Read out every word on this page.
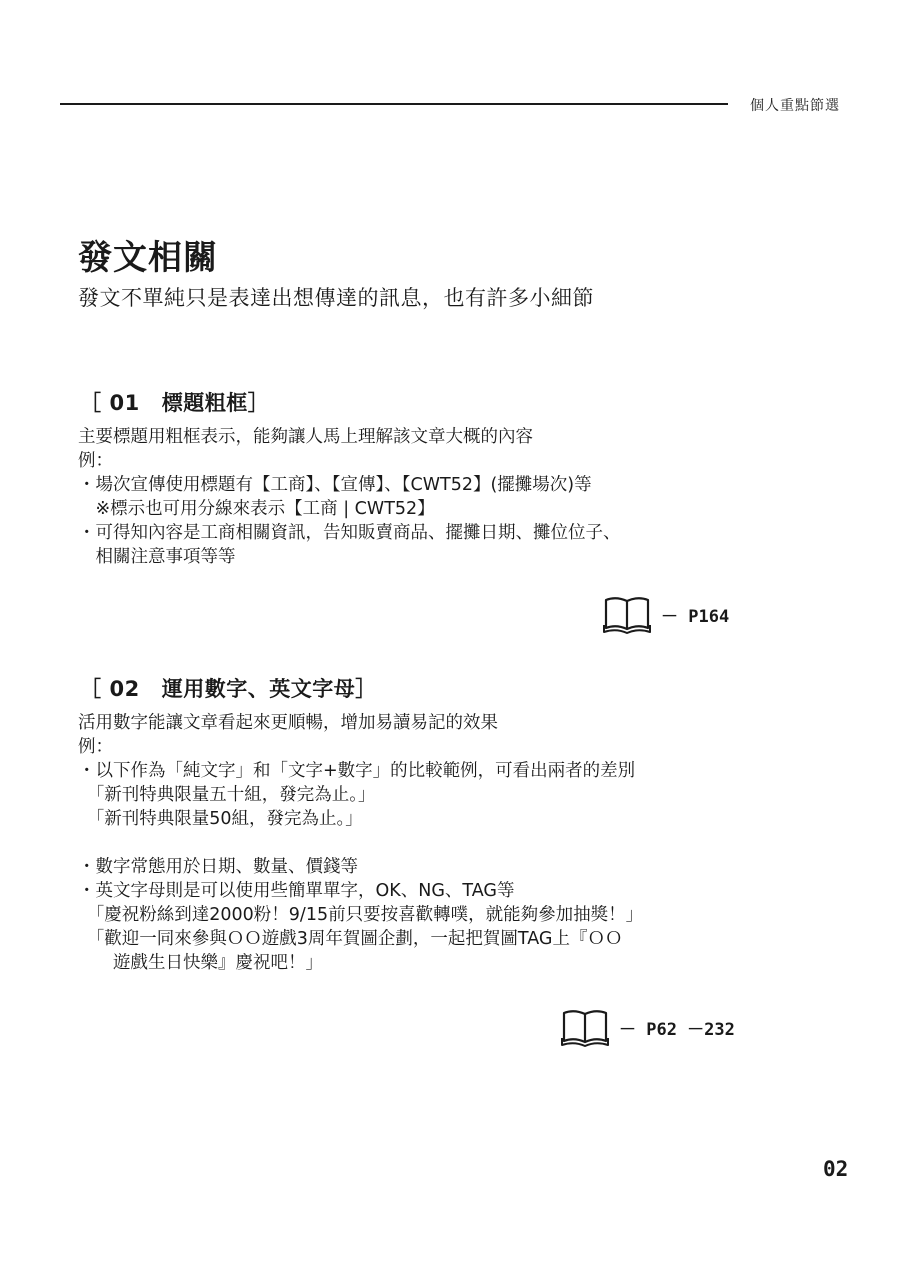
個人重點節選
發文相關
發文不單純只是表達出想傳達的訊息，也有許多小細節
［ 01 標題粗框］
主要標題用粗框表示，能夠讓人馬上理解該文章大概的內容
例：
・場次宣傳使用標題有【工商】、【宣傳】、【CWT52】(擺攤場次)等
　※標示也可用分線來表示【工商 | CWT52】
・可得知內容是工商相關資訊，告知販賣商品、擺攤日期、攤位位子、
　相關注意事項等等
－ P164
［ 02 運用數字、英文字母］
活用數字能讓文章看起來更順暢，增加易讀易記的效果
例：
・以下作為「純文字」和「文字+數字」的比較範例，可看出兩者的差別
　「新刊特典限量五十組，發完為止。」
　「新刊特典限量50組，發完為止。」
・數字常態用於日期、數量、價錢等
・英文字母則是可以使用些簡單單字，OK、NG、TAG等
　「慶祝粉絲到達2000粉！9/15前只要按喜歡轉噗，就能夠參加抽獎！」
　「歡迎一同來參與ＯＯ遊戲3周年賀圖企劃，一起把賀圖TAG上『ＯＯ
　　遊戲生日快樂』慶祝吧！」
－ P62 －232
02
